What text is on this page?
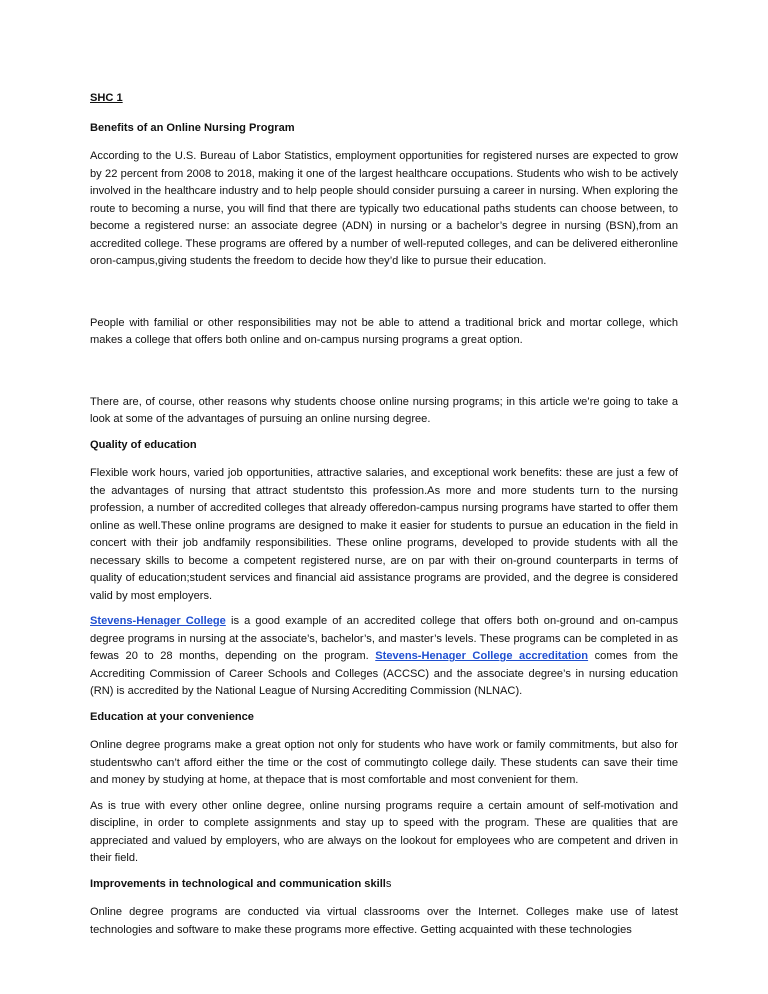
SHC 1
Benefits of an Online Nursing Program

According to the U.S. Bureau of Labor Statistics, employment opportunities for registered nurses are expected to grow by 22 percent from 2008 to 2018, making it one of the largest healthcare occupations. Students who wish to be actively involved in the healthcare industry and to help people should consider pursuing a career in nursing. When exploring the route to becoming a nurse, you will find that there are typically two educational paths students can choose between, to become a registered nurse: an associate degree (ADN) in nursing or a bachelor’s degree in nursing (BSN),from an accredited college. These programs are offered by a number of well-reputed colleges, and can be delivered eitheronline oron-campus,giving students the freedom to decide how they’d like to pursue their education.

People with familial or other responsibilities may not be able to attend a traditional brick and mortar college, which makes a college that offers both online and on-campus nursing programs a great option.

There are, of course, other reasons why students choose online nursing programs; in this article we’re going to take a look at some of the advantages of pursuing an online nursing degree.

Quality of education

Flexible work hours, varied job opportunities, attractive salaries, and exceptional work benefits: these are just a few of the advantages of nursing that attract studentsto this profession.As more and more students turn to the nursing profession, a number of accredited colleges that already offeredon-campus nursing programs have started to offer them online as well.These online programs are designed to make it easier for students to pursue an education in the field in concert with their job andfamily responsibilities. These online programs, developed to provide students with all the necessary skills to become a competent registered nurse, are on par with their on-ground counterparts in terms of quality of education;student services and financial aid assistance programs are provided, and the degree is considered valid by most employers.

Stevens-Henager College is a good example of an accredited college that offers both on-ground and on-campus degree programs in nursing at the associate’s, bachelor’s, and master’s levels. These programs can be completed in as fewas 20 to 28 months, depending on the program. Stevens-Henager College accreditation comes from the Accrediting Commission of Career Schools and Colleges (ACCSC) and the associate degree’s in nursing education (RN) is accredited by the National League of Nursing Accrediting Commission (NLNAC).

Education at your convenience

Online degree programs make a great option not only for students who have work or family commitments, but also for studentswho can’t afford either the time or the cost of commutingto college daily. These students can save their time and money by studying at home, at thepace that is most comfortable and most convenient for them.

As is true with every other online degree, online nursing programs require a certain amount of self-motivation and discipline, in order to complete assignments and stay up to speed with the program. These are qualities that are appreciated and valued by employers, who are always on the lookout for employees who are competent and driven in their field.

Improvements in technological and communication skills

Online degree programs are conducted via virtual classrooms over the Internet. Colleges make use of latest technologies and software to make these programs more effective. Getting acquainted with these technologies
